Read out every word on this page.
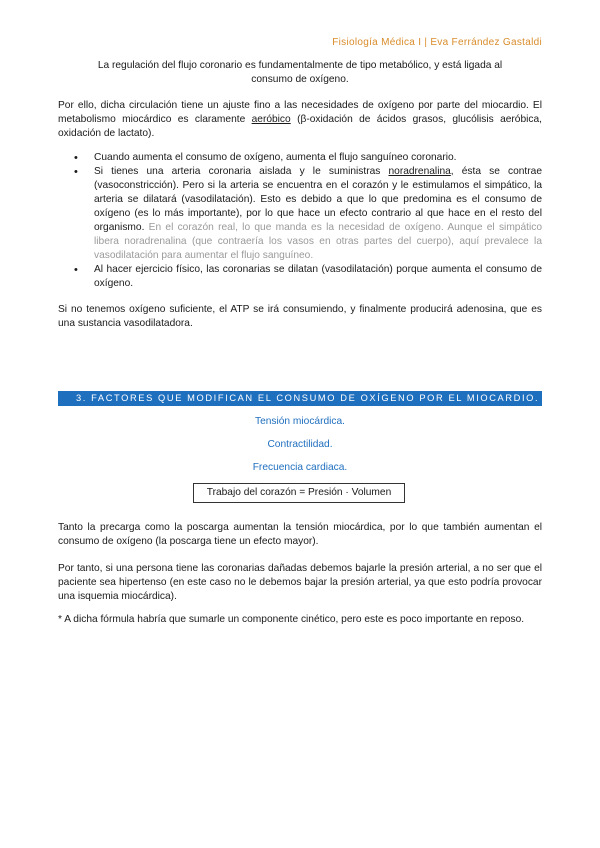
Fisiología Médica I | Eva Ferrández Gastaldi
La regulación del flujo coronario es fundamentalmente de tipo metabólico, y está ligada al
consumo de oxígeno.
Por ello, dicha circulación tiene un ajuste fino a las necesidades de oxígeno por parte del miocardio. El metabolismo miocárdico es claramente aeróbico (β-oxidación de ácidos grasos, glucólisis aeróbica, oxidación de lactato).
• Cuando aumenta el consumo de oxígeno, aumenta el flujo sanguíneo coronario.
• Si tienes una arteria coronaria aislada y le suministras noradrenalina, ésta se contrae (vasoconstricción). Pero si la arteria se encuentra en el corazón y le estimulamos el simpático, la arteria se dilatará (vasodilatación). Esto es debido a que lo que predomina es el consumo de oxígeno (es lo más importante), por lo que hace un efecto contrario al que hace en el resto del organismo. En el corazón real, lo que manda es la necesidad de oxígeno. Aunque el simpático libera noradrenalina (que contraería los vasos en otras partes del cuerpo), aquí prevalece la vasodilatación para aumentar el flujo sanguíneo.
• Al hacer ejercicio físico, las coronarias se dilatan (vasodilatación) porque aumenta el consumo de oxígeno.
Si no tenemos oxígeno suficiente, el ATP se irá consumiendo, y finalmente producirá adenosina, que es una sustancia vasodilatadora.
3. FACTORES QUE MODIFICAN EL CONSUMO DE OXÍGENO POR EL MIOCARDIO.
Tensión miocárdica.
Contractilidad.
Frecuencia cardiaca.
Trabajo del corazón = Presión · Volumen
Tanto la precarga como la poscarga aumentan la tensión miocárdica, por lo que también aumentan el consumo de oxígeno (la poscarga tiene un efecto mayor).
Por tanto, si una persona tiene las coronarias dañadas debemos bajarle la presión arterial, a no ser que el paciente sea hipertenso (en este caso no le debemos bajar la presión arterial, ya que esto podría provocar una isquemia miocárdica).
* A dicha fórmula habría que sumarle un componente cinético, pero este es poco importante en reposo.
